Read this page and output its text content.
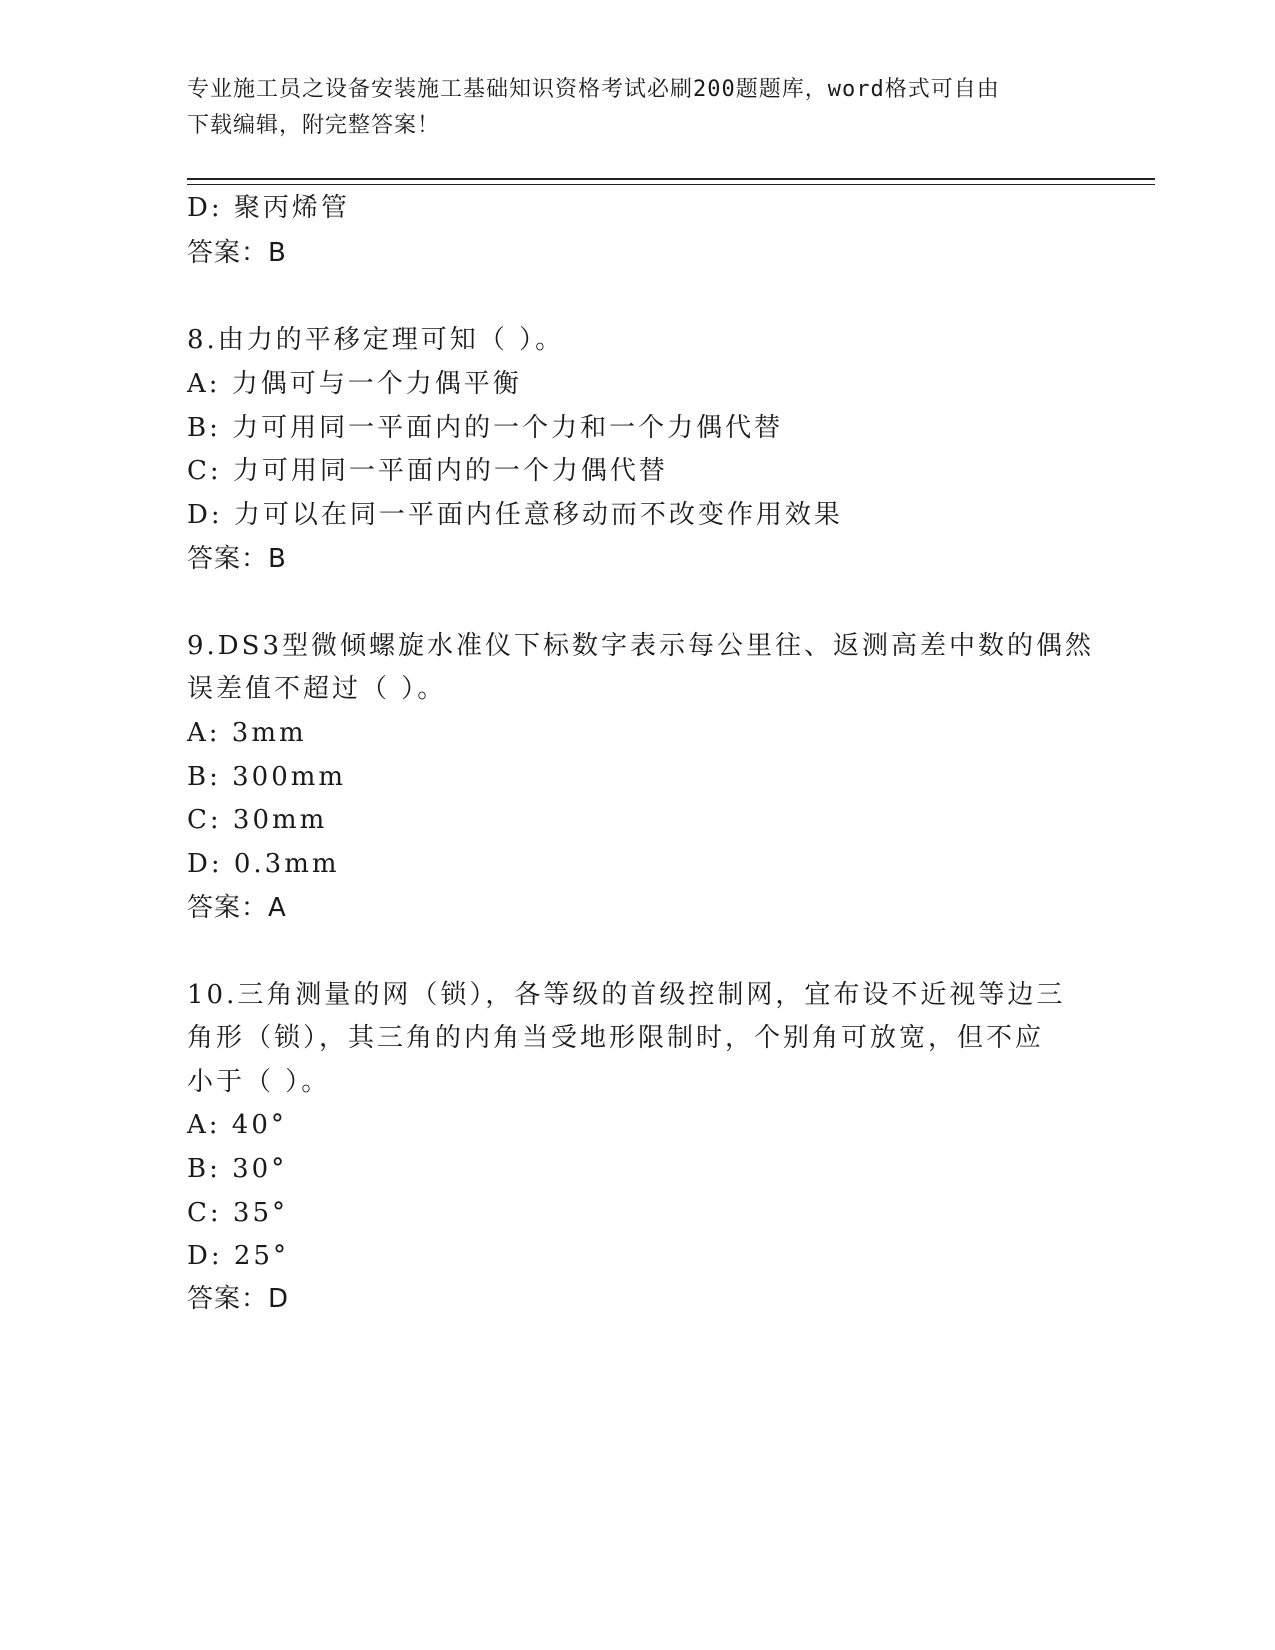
专业施工员之设备安装施工基础知识资格考试必刷200题题库，word格式可自由
下载编辑，附完整答案！
D: 聚丙烯管
答案：B
8.由力的平移定理可知（ ）。
A: 力偶可与一个力偶平衡
B: 力可用同一平面内的一个力和一个力偶代替
C: 力可用同一平面内的一个力偶代替
D: 力可以在同一平面内任意移动而不改变作用效果
答案：B
9.DS3型微倾螺旋水准仪下标数字表示每公里往、返测高差中数的偶然
误差值不超过（ ）。
A: 3mm
B: 300mm
C: 30mm
D: 0.3mm
答案：A
10.三角测量的网（锁），各等级的首级控制网，宜布设不近视等边三
角形（锁），其三角的内角当受地形限制时，个别角可放宽，但不应
小于（ ）。
A: 40°
B: 30°
C: 35°
D: 25°
答案：D
